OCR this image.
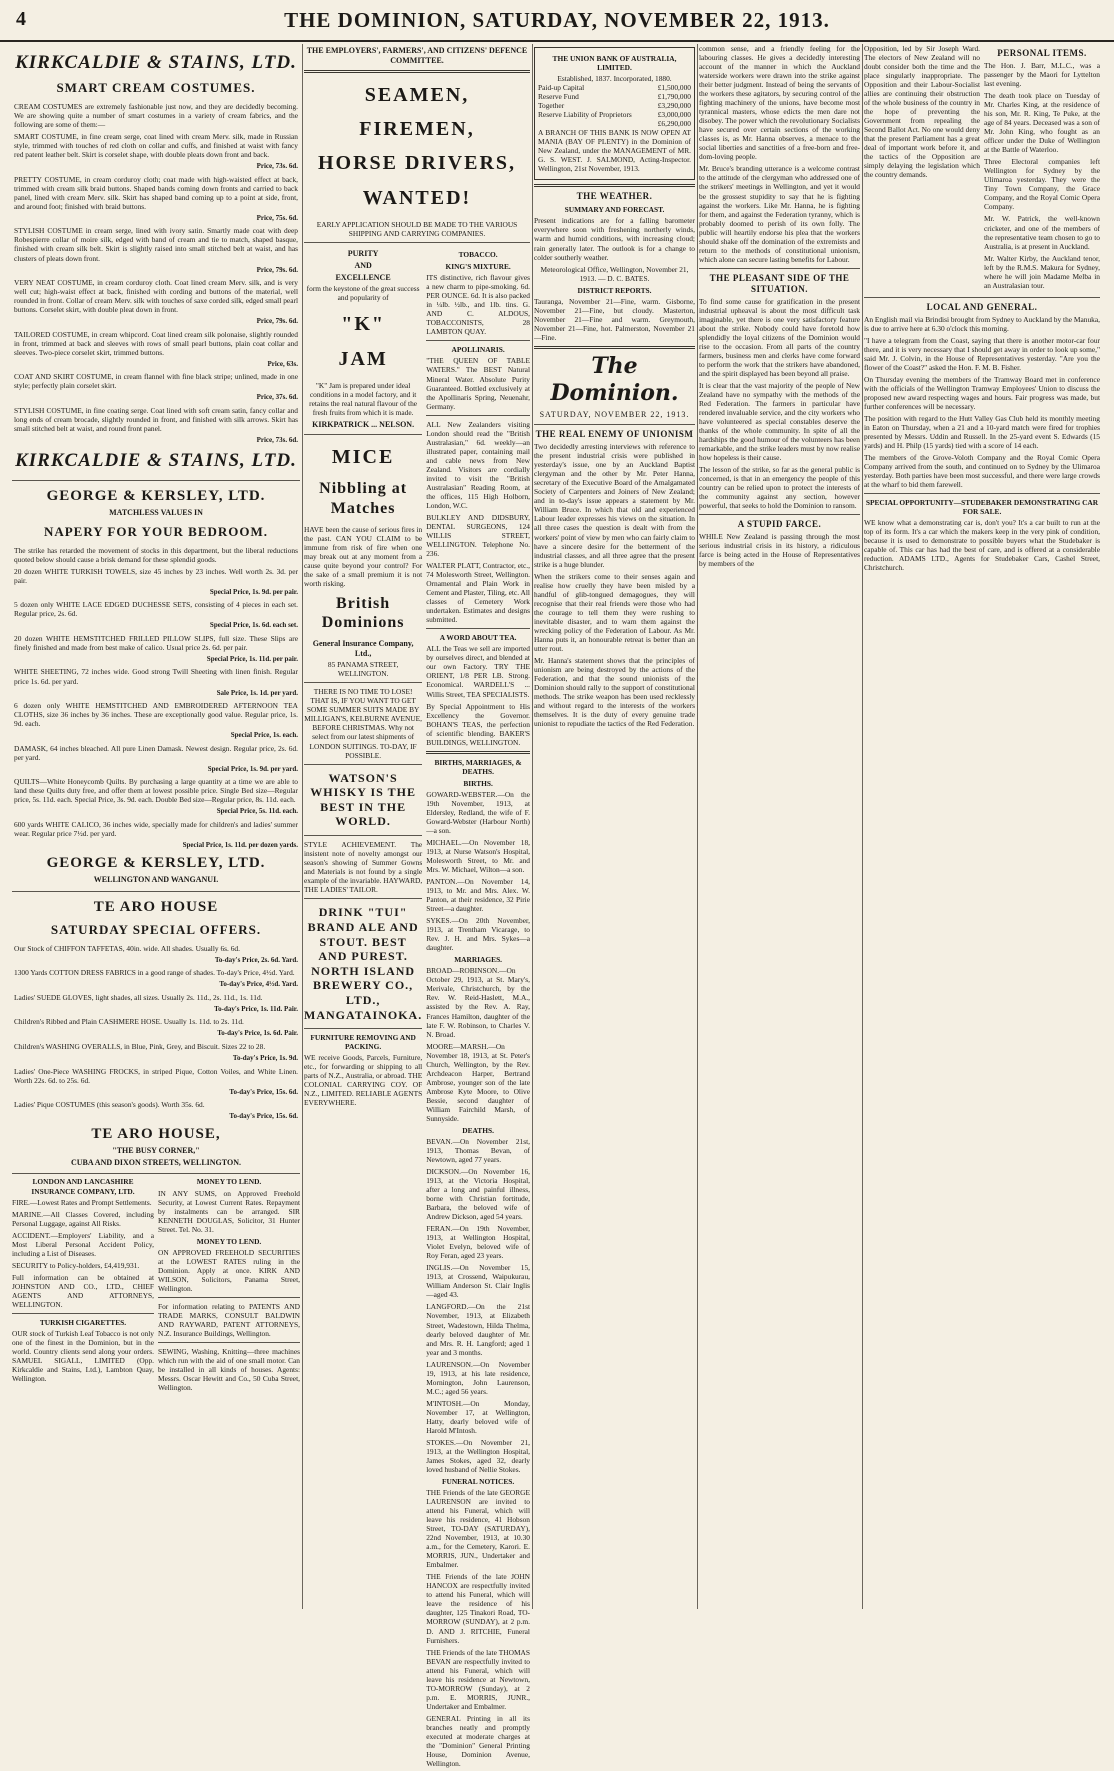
4	THE DOMINION, SATURDAY, NOVEMBER 22, 1913.
KIRKCALDIE & STAINS, LTD.
SMART CREAM COSTUMES.

CREAM COSTUMES are extremely fashionable just now, and they are decidedly becoming. We are showing quite a number of smart costumes in a variety of cream fabrics, and the following are some of them:—

SMART COSTUME, in fine cream serge, coat lined with cream Merv. silk, made in Russian style, trimmed with touches of red cloth on collar and cuffs, and finished at waist with fancy red patent leather belt. Skirt is corselet shape, with double pleats down front and back.

Price, 73s. 6d.

PRETTY COSTUME, in cream corduroy cloth; coat made with high-waisted effect at back, trimmed with cream silk braid buttons. Shaped bands coming down fronts and carried to back panel, lined with cream Merv. silk. Skirt has shaped band coming up to a point at side, front, and around foot; finished with braid buttons.

Price, 75s. 6d.

STYLISH COSTUME in cream serge, lined with ivory satin. Smartly made coat with deep Robespierre collar of moire silk, edged with band of cream and tie to match, shaped basque, finished with cream silk belt. Skirt is slightly raised into small stitched belt at waist, and has clusters of pleats down front.

Price, 79s. 6d.

VERY NEAT COSTUME, in cream corduroy cloth. Coat lined cream Merv. silk, and is very well cut; high-waist effect at back, finished with cording and buttons of the material, well rounded in front. Collar of cream Merv. silk with touches of saxe corded silk, edged small pearl buttons. Corselet skirt, with double pleat down in front.

Price, 79s. 6d.

TAILORED COSTUME, in cream whipcord. Coat lined cream silk polonaise, slightly rounded in front, trimmed at back and sleeves with rows of small pearl buttons, plain coat collar and sleeves. Two-piece corselet skirt, trimmed buttons.

Price, 63s.

COAT AND SKIRT COSTUME, in cream flannel with fine black stripe; unlined, made in one style; perfectly plain corselet skirt.

Price, 37s. 6d.

STYLISH COSTUME, in fine coating serge. Coat lined with soft cream satin, fancy collar and long ends of cream brocade, slightly rounded in front, and finished with silk arrows. Skirt has small stitched belt at waist, and round front panel.

Price, 73s. 6d.
KIRKCALDIE & STAINS, LTD.
GEORGE & KERSLEY, LTD.
MATCHLESS VALUES IN
NAPERY FOR YOUR BEDROOM.

The strike has retarded the movement of stocks in this department, but the liberal reductions quoted below should cause a brisk demand for these splendid goods.

20 dozen WHITE TURKISH TOWELS, size 45 inches by 23 inches. Well worth 2s. 3d. per pair.

Special Price, 1s. 9d. per pair.

5 dozen only WHITE LACE EDGED DUCHESSE SETS, consisting of 4 pieces in each set. Regular price, 2s. 6d.

Special Price, 1s. 6d. each set.

20 dozen WHITE HEMSTITCHED FRILLED PILLOW SLIPS, full size. These Slips are finely finished and made from best make of calico. Usual price 2s. 6d. per pair.

Special Price, 1s. 11d. per pair.

WHITE SHEETING, 72 inches wide. Good strong Twill Sheeting with linen finish. Regular price 1s. 6d. per yard.

Sale Price, 1s. 1d. per yard.

6 dozen only WHITE HEMSTITCHED AND EMBROIDERED AFTERNOON TEA CLOTHS, size 36 inches by 36 inches. These are exceptionally good value. Regular price, 1s. 9d. each.

Special Price, 1s. each.

DAMASK, 64 inches bleached. All pure Linen Damask. Newest design. Regular price, 2s. 6d. per yard.

Special Price, 1s. 9d. per yard.

QUILTS—White Honeycomb Quilts. By purchasing a large quantity at a time we are able to land these Quilts duty free, and offer them at lowest possible price. Single Bed size—Regular price, 5s. 11d. each. Special Price, 3s. 9d. each. Double Bed size—Regular price, 8s. 11d. each.

Special Price, 5s. 11d. each.

600 yards WHITE CALICO, 36 inches wide, specially made for children's and ladies' summer wear. Regular price 7½d. per yard.

Special Price, 1s. 11d. per dozen yards.
GEORGE & KERSLEY, LTD.
WELLINGTON AND WANGANUI.
TE ARO HOUSE
SATURDAY SPECIAL OFFERS.

Our Stock of CHIFFON TAFFETAS, 40in. wide. All shades. Usually 6s. 6d.

To-day's Price, 2s. 6d. Yard.

1300 Yards COTTON DRESS FABRICS in a good range of shades. To-day's Price, 4½d. Yard.

To-day's Price, 4½d. Yard.

Ladies' SUEDE GLOVES, light shades, all sizes. Usually 2s. 11d., 2s. 11d., 1s. 11d.

To-day's Price, 1s. 11d. Pair.

Children's Ribbed and Plain CASHMERE HOSE. Usually 1s. 11d. to 2s. 11d.

To-day's Price, 1s. 6d. Pair.

Children's WASHING OVERALLS, in Blue, Pink, Grey, and Biscuit. Sizes 22 to 28.

To-day's Price, 1s. 9d.

Ladies' One-Piece WASHING FROCKS, in striped Pique, Cotton Voiles, and White Linen. Worth 22s. 6d. to 25s. 6d.

To-day's Price, 15s. 6d.

Ladies' Pique COSTUMES (this season's goods). Worth 35s. 6d.

To-day's Price, 15s. 6d.
TE ARO HOUSE,
"THE BUSY CORNER,"
CUBA AND DIXON STREETS, WELLINGTON.
LONDON AND LANCASHIRE INSURANCE COMPANY, LTD.

FIRE.—Lowest Rates and Prompt Settlements.

MARINE.—All Classes Covered, including Personal Luggage, against All Risks.

ACCIDENT.—Employers' Liability, and a Most Liberal Personal Accident Policy, including a List of Diseases.

SECURITY to Policy-holders, £4,419,931.

Full information can be obtained at JOHNSTON AND CO., LTD., CHIEF AGENTS AND ATTORNEYS, WELLINGTON.

TURKISH CIGARETTES.

OUR stock of Turkish Leaf Tobacco is not only one of the finest in the Dominion, but in the world. Country clients send along your orders. SAMUEL SIGALL, LIMITED (Opp. Kirkcaldie and Stains, Ltd.), Lambton Quay, Wellington.

MONEY TO LEND.

IN ANY SUMS, on Approved Freehold Security, at Lowest Current Rates. Repayment by instalments can be arranged. SIR KENNETH DOUGLAS, Solicitor, 31 Hunter Street. Tel. No. 31.

MONEY TO LEND.

ON APPROVED FREEHOLD SECURITIES at the LOWEST RATES ruling in the Dominion. Apply at once. KIRK AND WILSON, Solicitors, Panama Street, Wellington.

For information relating to PATENTS AND TRADE MARKS, CONSULT BALDWIN AND RAYWARD, PATENT ATTORNEYS, N.Z. Insurance Buildings, Wellington.

SEWING, Washing, Knitting—three machines which run with the aid of one small motor. Can be installed in all kinds of houses. Agents: Messrs. Oscar Hewitt and Co., 50 Cuba Street, Wellington.

THE EMPLOYERS', FARMERS', AND CITIZENS' DEFENCE COMMITTEE.
SEAMEN,
FIREMEN,
HORSE DRIVERS,
WANTED!
EARLY APPLICATION SHOULD BE MADE TO THE VARIOUS SHIPPING AND CARRYING COMPANIES.
PURITY
AND
EXCELLENCE

form the keystone of the great success and popularity of

"K"
JAM

"K" Jam is prepared under ideal conditions in a model factory, and it retains the real natural flavour of the fresh fruits from which it is made.

KIRKPATRICK ... NELSON.
MICE
Nibbling at Matches

HAVE been the cause of serious fires in the past. CAN YOU CLAIM to be immune from risk of fire when one may break out at any moment from a cause quite beyond your control? For the sake of a small premium it is not worth risking.

British Dominions
General Insurance Company, Ltd.,
85 PANAMA STREET, WELLINGTON.

THERE IS NO TIME TO LOSE! THAT IS, IF YOU WANT TO GET SOME SUMMER SUITS MADE BY MILLIGAN'S, KELBURNE AVENUE, BEFORE CHRISTMAS. Why not select from our latest shipments of LONDON SUITINGS. TO-DAY, IF POSSIBLE.

WATSON'S WHISKY IS THE BEST IN THE WORLD.

STYLE ACHIEVEMENT. The insistent note of novelty amongst our season's showing of Summer Gowns and Materials is not found by a single example of the invariable. HAYWARD, THE LADIES' TAILOR.

DRINK "TUI" BRAND ALE AND STOUT. BEST AND PUREST. NORTH ISLAND BREWERY CO., LTD., MANGATAINOKA.
FURNITURE REMOVING AND PACKING.

WE receive Goods, Parcels, Furniture, etc., for forwarding or shipping to all parts of N.Z., Australia, or abroad. THE COLONIAL CARRYING COY. OF N.Z., LIMITED. RELIABLE AGENTS EVERYWHERE.

TOBACCO.
KING'S MIXTURE.

ITS distinctive, rich flavour gives a new charm to pipe-smoking. 6d. PER OUNCE. 6d. It is also packed in ¼lb. ½lb., and 1lb. tins. G. AND C. ALDOUS, TOBACCONISTS, 28 LAMBTON QUAY.

APOLLINARIS.

"THE QUEEN OF TABLE WATERS." The BEST Natural Mineral Water. Absolute Purity Guaranteed. Bottled exclusively at the Apollinaris Spring, Neuenahr, Germany.

ALL New Zealanders visiting London should read the "British Australasian," 6d. weekly—an illustrated paper, containing mail and cable news from New Zealand. Visitors are cordially invited to visit the "British Australasian" Reading Room, at the offices, 115 High Holborn, London, W.C.

BULKLEY AND DIDSBURY, DENTAL SURGEONS, 124 WILLIS STREET, WELLINGTON. Telephone No. 236.

WALTER PLATT, Contractor, etc., 74 Molesworth Street, Wellington. Ornamental and Plain Work in Cement and Plaster, Tiling, etc. All classes of Cemetery Work undertaken. Estimates and designs submitted.

A WORD ABOUT TEA.

ALL the Teas we sell are imported by ourselves direct, and blended at our own Factory. TRY THE ORIENT, 1/8 PER LB. Strong. Economical. WARDELL'S ... Willis Street, TEA SPECIALISTS.

By Special Appointment to His Excellency the Governor. BOHAN'S TEAS, the perfection of scientific blending. BAKER'S BUILDINGS, WELLINGTON.

BIRTHS, MARRIAGES, & DEATHS.
BIRTHS.

GOWARD-WEBSTER.—On the 19th November, 1913, at Eldersley, Redland, the wife of F. Goward-Webster (Harbour North)—a son.

MICHAEL.—On November 18, 1913, at Nurse Watson's Hospital, Molesworth Street, to Mr. and Mrs. W. Michael, Wilton—a son.

PANTON.—On November 14, 1913, to Mr. and Mrs. Alex. W. Panton, at their residence, 32 Pirie Street—a daughter.

SYKES.—On 20th November, 1913, at Trentham Vicarage, to Rev. J. H. and Mrs. Sykes—a daughter.

MARRIAGES.

BROAD—ROBINSON.—On October 29, 1913, at St. Mary's, Merivale, Christchurch, by the Rev. W. Reid-Haslett, M.A., assisted by the Rev. A. Ray, Frances Hamilton, daughter of the late F. W. Robinson, to Charles V. N. Broad.

MOORE—MARSH.—On November 18, 1913, at St. Peter's Church, Wellington, by the Rev. Archdeacon Harper, Bertrand Ambrose, younger son of the late Ambrose Kyte Moore, to Olive Bessie, second daughter of William Fairchild Marsh, of Sunnyside.

DEATHS.

BEVAN.—On November 21st, 1913, Thomas Bevan, of Newtown, aged 77 years.

DICKSON.—On November 16, 1913, at the Victoria Hospital, after a long and painful illness, borne with Christian fortitude, Barbara, the beloved wife of Andrew Dickson, aged 54 years.

FERAN.—On 19th November, 1913, at Wellington Hospital, Violet Evelyn, beloved wife of Roy Feran, aged 23 years.

INGLIS.—On November 15, 1913, at Crossend, Waipukurau, William Anderson St. Clair Inglis—aged 43.

LANGFORD.—On the 21st November, 1913, at Elizabeth Street, Wadestown, Hilda Thelma, dearly beloved daughter of Mr. and Mrs. R. H. Langford; aged 1 year and 3 months.

LAURENSON.—On November 19, 1913, at his late residence, Mornington, John Laurenson, M.C.; aged 56 years.

M'INTOSH.—On Monday, November 17, at Wellington, Hatty, dearly beloved wife of Harold M'Intosh.

STOKES.—On November 21, 1913, at the Wellington Hospital, James Stokes, aged 32, dearly loved husband of Nellie Stokes.

FUNERAL NOTICES.

THE Friends of the late GEORGE LAURENSON are invited to attend his Funeral, which will leave his residence, 41 Hobson Street, TO-DAY (SATURDAY), 22nd November, 1913, at 10.30 a.m., for the Cemetery, Karori. E. MORRIS, JUN., Undertaker and Embalmer.

THE Friends of the late JOHN HANCOX are respectfully invited to attend his Funeral, which will leave the residence of his daughter, 125 Tinakori Road, TO-MORROW (SUNDAY), at 2 p.m. D. AND J. RITCHIE, Funeral Furnishers.

THE Friends of the late THOMAS BEVAN are respectfully invited to attend his Funeral, which will leave his residence at Newtown, TO-MORROW (Sunday), at 2 p.m. E. MORRIS, JUNR., Undertaker and Embalmer.

GENERAL Printing in all its branches neatly and promptly executed at moderate charges at the "Dominion" General Printing House, Dominion Avenue, Wellington.

THE UNION BANK OF AUSTRALIA, LIMITED.
Established, 1837. Incorporated, 1880.
Paid-up Capital	£1,500,000
Reserve Fund	£1,790,000
Together	£3,290,000
Reserve Liability of Proprietors	£3,000,000
£6,290,000

A BRANCH OF THIS BANK IS NOW OPEN AT MANIA (BAY OF PLENTY) in the Dominion of New Zealand, under the MANAGEMENT of MR. G. S. WEST. J. SALMOND, Acting-Inspector. Wellington, 21st November, 1913.

THE WEATHER.
SUMMARY AND FORECAST.

Present indications are for a falling barometer everywhere soon with freshening northerly winds, warm and humid conditions, with increasing cloud; rain generally later. The outlook is for a change to colder southerly weather.

Meteorological Office, Wellington, November 21, 1913. — D. C. BATES.

DISTRICT REPORTS.

Tauranga, November 21—Fine, warm. Gisborne, November 21—Fine, but cloudy. Masterton, November 21—Fine and warm. Greymouth, November 21—Fine, hot. Palmerston, November 21—Fine.

The Dominion.
SATURDAY, NOVEMBER 22, 1913.
THE REAL ENEMY OF UNIONISM

Two decidedly arresting interviews with reference to the present industrial crisis were published in yesterday's issue, one by an Auckland Baptist clergyman and the other by Mr. Peter Hanna, secretary of the Executive Board of the Amalgamated Society of Carpenters and Joiners of New Zealand; and in to-day's issue appears a statement by Mr. William Bruce. In which that old and experienced Labour leader expresses his views on the situation. In all three cases the question is dealt with from the workers' point of view by men who can fairly claim to have a sincere desire for the betterment of the industrial classes, and all three agree that the present strike is a huge blunder.

When the strikers come to their senses again and realise how cruelly they have been misled by a handful of glib-tongued demagogues, they will recognise that their real friends were those who had the courage to tell them they were rushing to inevitable disaster, and to warn them against the wrecking policy of the Federation of Labour. As Mr. Hanna puts it, an honourable retreat is better than an utter rout.

Mr. Hanna's statement shows that the principles of unionism are being destroyed by the actions of the Federation, and that the sound unionists of the Dominion should rally to the support of constitutional methods. The strike weapon has been used recklessly and without regard to the interests of the workers themselves. It is the duty of every genuine trade unionist to repudiate the tactics of the Red Federation.

common sense, and a friendly feeling for the labouring classes. He gives a decidedly interesting account of the manner in which the Auckland waterside workers were drawn into the strike against their better judgment. Instead of being the servants of the workers these agitators, by securing control of the fighting machinery of the unions, have become most tyrannical masters, whose edicts the men dare not disobey. The power which the revolutionary Socialists have secured over certain sections of the working classes is, as Mr. Hanna observes, a menace to the social liberties and sanctities of a free-born and free-dom-loving people.

Mr. Bruce's branding utterance is a welcome contrast to the attitude of the clergyman who addressed one of the strikers' meetings in Wellington, and yet it would be the grossest stupidity to say that he is fighting against the workers. Like Mr. Hanna, he is fighting for them, and against the Federation tyranny, which is probably doomed to perish of its own folly. The public will heartily endorse his plea that the workers should shake off the domination of the extremists and return to the methods of constitutional unionism, which alone can secure lasting benefits for Labour.

THE PLEASANT SIDE OF THE SITUATION.

To find some cause for gratification in the present industrial upheaval is about the most difficult task imaginable, yet there is one very satisfactory feature about the strike. Nobody could have foretold how splendidly the loyal citizens of the Dominion would rise to the occasion. From all parts of the country farmers, business men and clerks have come forward to perform the work that the strikers have abandoned, and the spirit displayed has been beyond all praise.

It is clear that the vast majority of the people of New Zealand have no sympathy with the methods of the Red Federation. The farmers in particular have rendered invaluable service, and the city workers who have volunteered as special constables deserve the thanks of the whole community. In spite of all the hardships the good humour of the volunteers has been remarkable, and the strike leaders must by now realise how hopeless is their cause.

The lesson of the strike, so far as the general public is concerned, is that in an emergency the people of this country can be relied upon to protect the interests of the community against any section, however powerful, that seeks to hold the Dominion to ransom.

A STUPID FARCE.

WHILE New Zealand is passing through the most serious industrial crisis in its history, a ridiculous farce is being acted in the House of Representatives by members of the

Opposition, led by Sir Joseph Ward. The electors of New Zealand will no doubt consider both the time and the place singularly inappropriate. The Opposition and their Labour-Socialist allies are continuing their obstruction of the whole business of the country in the hope of preventing the Government from repealing the Second Ballot Act. No one would deny that the present Parliament has a great deal of important work before it, and the tactics of the Opposition are simply delaying the legislation which the country demands.

PERSONAL ITEMS.

The Hon. J. Barr, M.L.C., was a passenger by the Maori for Lyttelton last evening.

The death took place on Tuesday of Mr. Charles King, at the residence of his son, Mr. R. King, Te Puke, at the age of 84 years. Deceased was a son of Mr. John King, who fought as an officer under the Duke of Wellington at the Battle of Waterloo.

Three Electoral companies left Wellington for Sydney by the Ulimaroa yesterday. They were the Tiny Town Company, the Grace Company, and the Royal Comic Opera Company.

Mr. W. Patrick, the well-known cricketer, and one of the members of the representative team chosen to go to Australia, is at present in Auckland.

Mr. Walter Kirby, the Auckland tenor, left by the R.M.S. Makura for Sydney, where he will join Madame Melba in an Australasian tour.

LOCAL AND GENERAL.

An English mail via Brindisi brought from Sydney to Auckland by the Manuka, is due to arrive here at 6.30 o'clock this morning.

"I have a telegram from the Coast, saying that there is another motor-car four there, and it is very necessary that I should get away in order to look up some," said Mr. J. Colvin, in the House of Representatives yesterday. "Are you the flower of the Coast?" asked the Hon. F. M. B. Fisher.

On Thursday evening the members of the Tramway Board met in conference with the officials of the Wellington Tramway Employees' Union to discuss the proposed new award respecting wages and hours. Fair progress was made, but further conferences will be necessary.

The position with regard to the Hutt Valley Gas Club held its monthly meeting in Eaton on Thursday, when a 21 and a 10-yard match were fired for trophies presented by Messrs. Uddin and Russell. In the 25-yard event S. Edwards (15 yards) and H. Philp (15 yards) tied with a score of 14 each.

The members of the Grove-Voloth Company and the Royal Comic Opera Company arrived from the south, and continued on to Sydney by the Ulimaroa yesterday. Both parties have been most successful, and there were large crowds at the wharf to bid them farewell.

SPECIAL OPPORTUNITY—STUDEBAKER DEMONSTRATING CAR FOR SALE.

WE know what a demonstrating car is, don't you? It's a car built to run at the top of its form. It's a car which the makers keep in the very pink of condition, because it is used to demonstrate to possible buyers what the Studebaker is capable of. This car has had the best of care, and is offered at a considerable reduction. ADAMS LTD., Agents for Studebaker Cars, Cashel Street, Christchurch.
